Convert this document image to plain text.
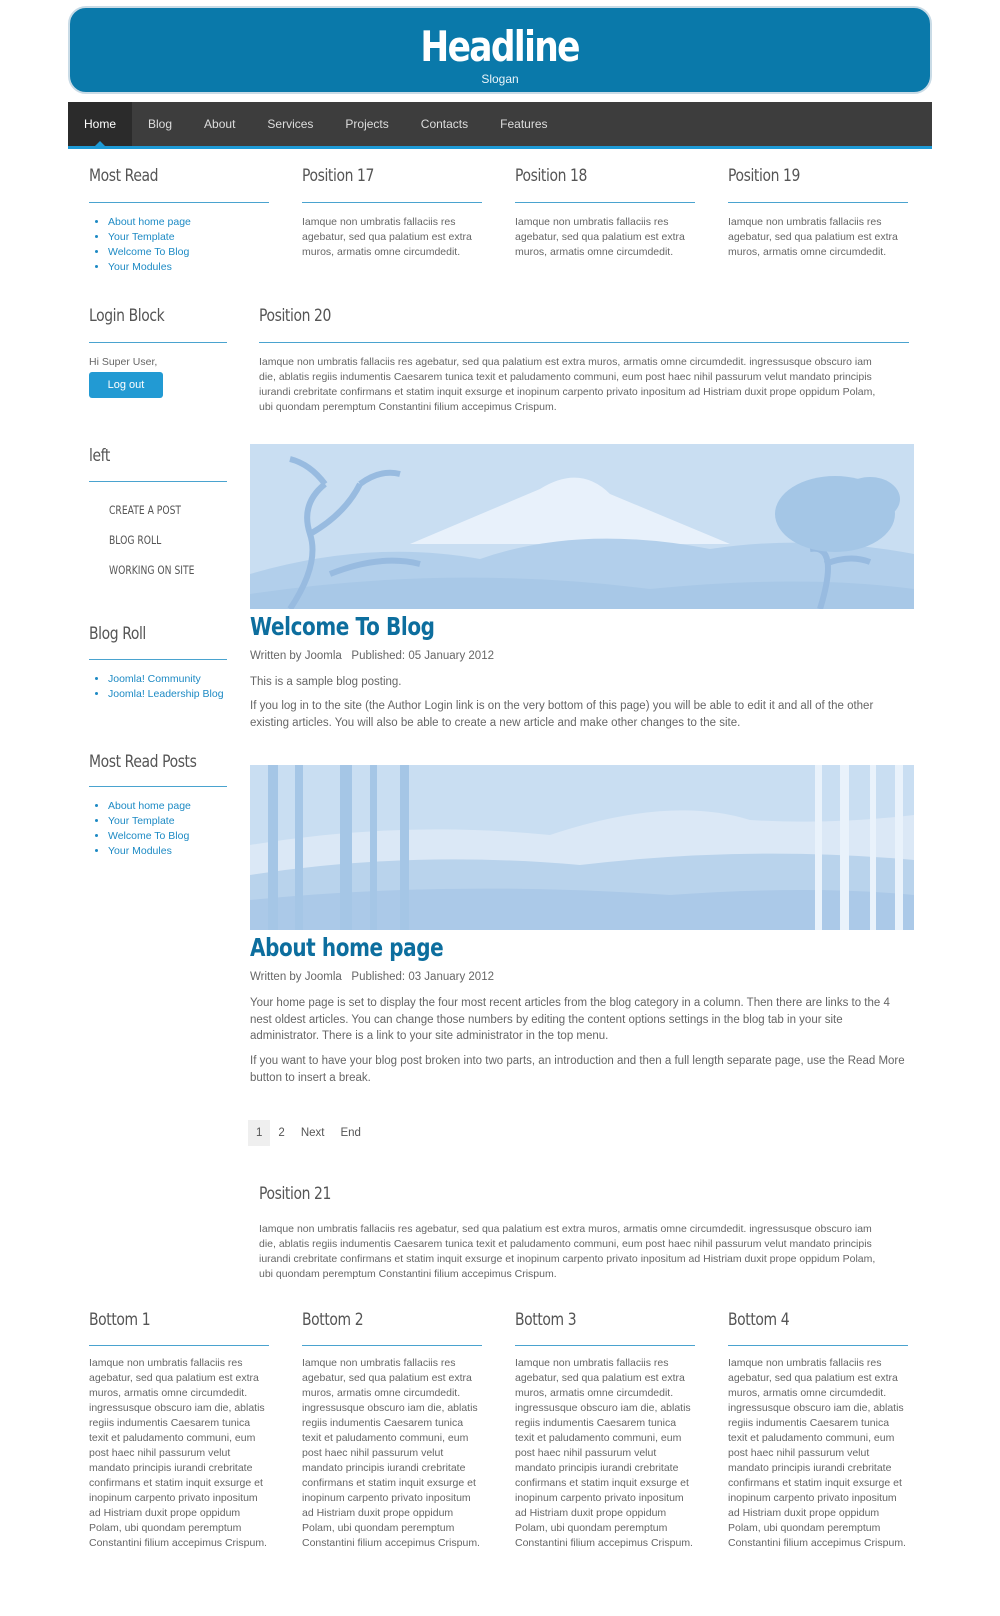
Headline
Slogan
Home	Blog	About	Services	Projects	Contacts	Features
Most Read
• About home page
• Your Template
• Welcome To Blog
• Your Modules
Position 17
Iamque non umbratis fallaciis res agebatur, sed qua palatium est extra muros, armatis omne circumdedit.
Position 18
Iamque non umbratis fallaciis res agebatur, sed qua palatium est extra muros, armatis omne circumdedit.
Position 19
Iamque non umbratis fallaciis res agebatur, sed qua palatium est extra muros, armatis omne circumdedit.
Login Block
Hi Super User,
Log out
Position 20
Iamque non umbratis fallaciis res agebatur, sed qua palatium est extra muros, armatis omne circumdedit. ingressusque obscuro iam die, ablatis regiis indumentis Caesarem tunica texit et paludamento communi, eum post haec nihil passurum velut mandato principis iurandi crebritate confirmans et statim inquit exsurge et inopinum carpento privato inpositum ad Histriam duxit prope oppidum Polam, ubi quondam peremptum Constantini filium accepimus Crispum.
left
CREATE A POST
BLOG ROLL
WORKING ON SITE
Blog Roll
• Joomla! Community
• Joomla! Leadership Blog
Most Read Posts
• About home page
• Your Template
• Welcome To Blog
• Your Modules
Welcome To Blog
Written by Joomla Published: 05 January 2012
This is a sample blog posting.
If you log in to the site (the Author Login link is on the very bottom of this page) you will be able to edit it and all of the other existing articles. You will also be able to create a new article and make other changes to the site.
About home page
Written by Joomla Published: 03 January 2012
Your home page is set to display the four most recent articles from the blog category in a column. Then there are links to the 4 nest oldest articles. You can change those numbers by editing the content options settings in the blog tab in your site administrator. There is a link to your site administrator in the top menu.
If you want to have your blog post broken into two parts, an introduction and then a full length separate page, use the Read More button to insert a break.
1	2	Next	End
Position 21
Iamque non umbratis fallaciis res agebatur, sed qua palatium est extra muros, armatis omne circumdedit. ingressusque obscuro iam die, ablatis regiis indumentis Caesarem tunica texit et paludamento communi, eum post haec nihil passurum velut mandato principis iurandi crebritate confirmans et statim inquit exsurge et inopinum carpento privato inpositum ad Histriam duxit prope oppidum Polam, ubi quondam peremptum Constantini filium accepimus Crispum.
Bottom 1
Iamque non umbratis fallaciis res agebatur, sed qua palatium est extra muros, armatis omne circumdedit. ingressusque obscuro iam die, ablatis regiis indumentis Caesarem tunica texit et paludamento communi, eum post haec nihil passurum velut mandato principis iurandi crebritate confirmans et statim inquit exsurge et inopinum carpento privato inpositum ad Histriam duxit prope oppidum Polam, ubi quondam peremptum Constantini filium accepimus Crispum.
Bottom 2
Iamque non umbratis fallaciis res agebatur, sed qua palatium est extra muros, armatis omne circumdedit. ingressusque obscuro iam die, ablatis regiis indumentis Caesarem tunica texit et paludamento communi, eum post haec nihil passurum velut mandato principis iurandi crebritate confirmans et statim inquit exsurge et inopinum carpento privato inpositum ad Histriam duxit prope oppidum Polam, ubi quondam peremptum Constantini filium accepimus Crispum.
Bottom 3
Iamque non umbratis fallaciis res agebatur, sed qua palatium est extra muros, armatis omne circumdedit. ingressusque obscuro iam die, ablatis regiis indumentis Caesarem tunica texit et paludamento communi, eum post haec nihil passurum velut mandato principis iurandi crebritate confirmans et statim inquit exsurge et inopinum carpento privato inpositum ad Histriam duxit prope oppidum Polam, ubi quondam peremptum Constantini filium accepimus Crispum.
Bottom 4
Iamque non umbratis fallaciis res agebatur, sed qua palatium est extra muros, armatis omne circumdedit. ingressusque obscuro iam die, ablatis regiis indumentis Caesarem tunica texit et paludamento communi, eum post haec nihil passurum velut mandato principis iurandi crebritate confirmans et statim inquit exsurge et inopinum carpento privato inpositum ad Histriam duxit prope oppidum Polam, ubi quondam peremptum Constantini filium accepimus Crispum.
